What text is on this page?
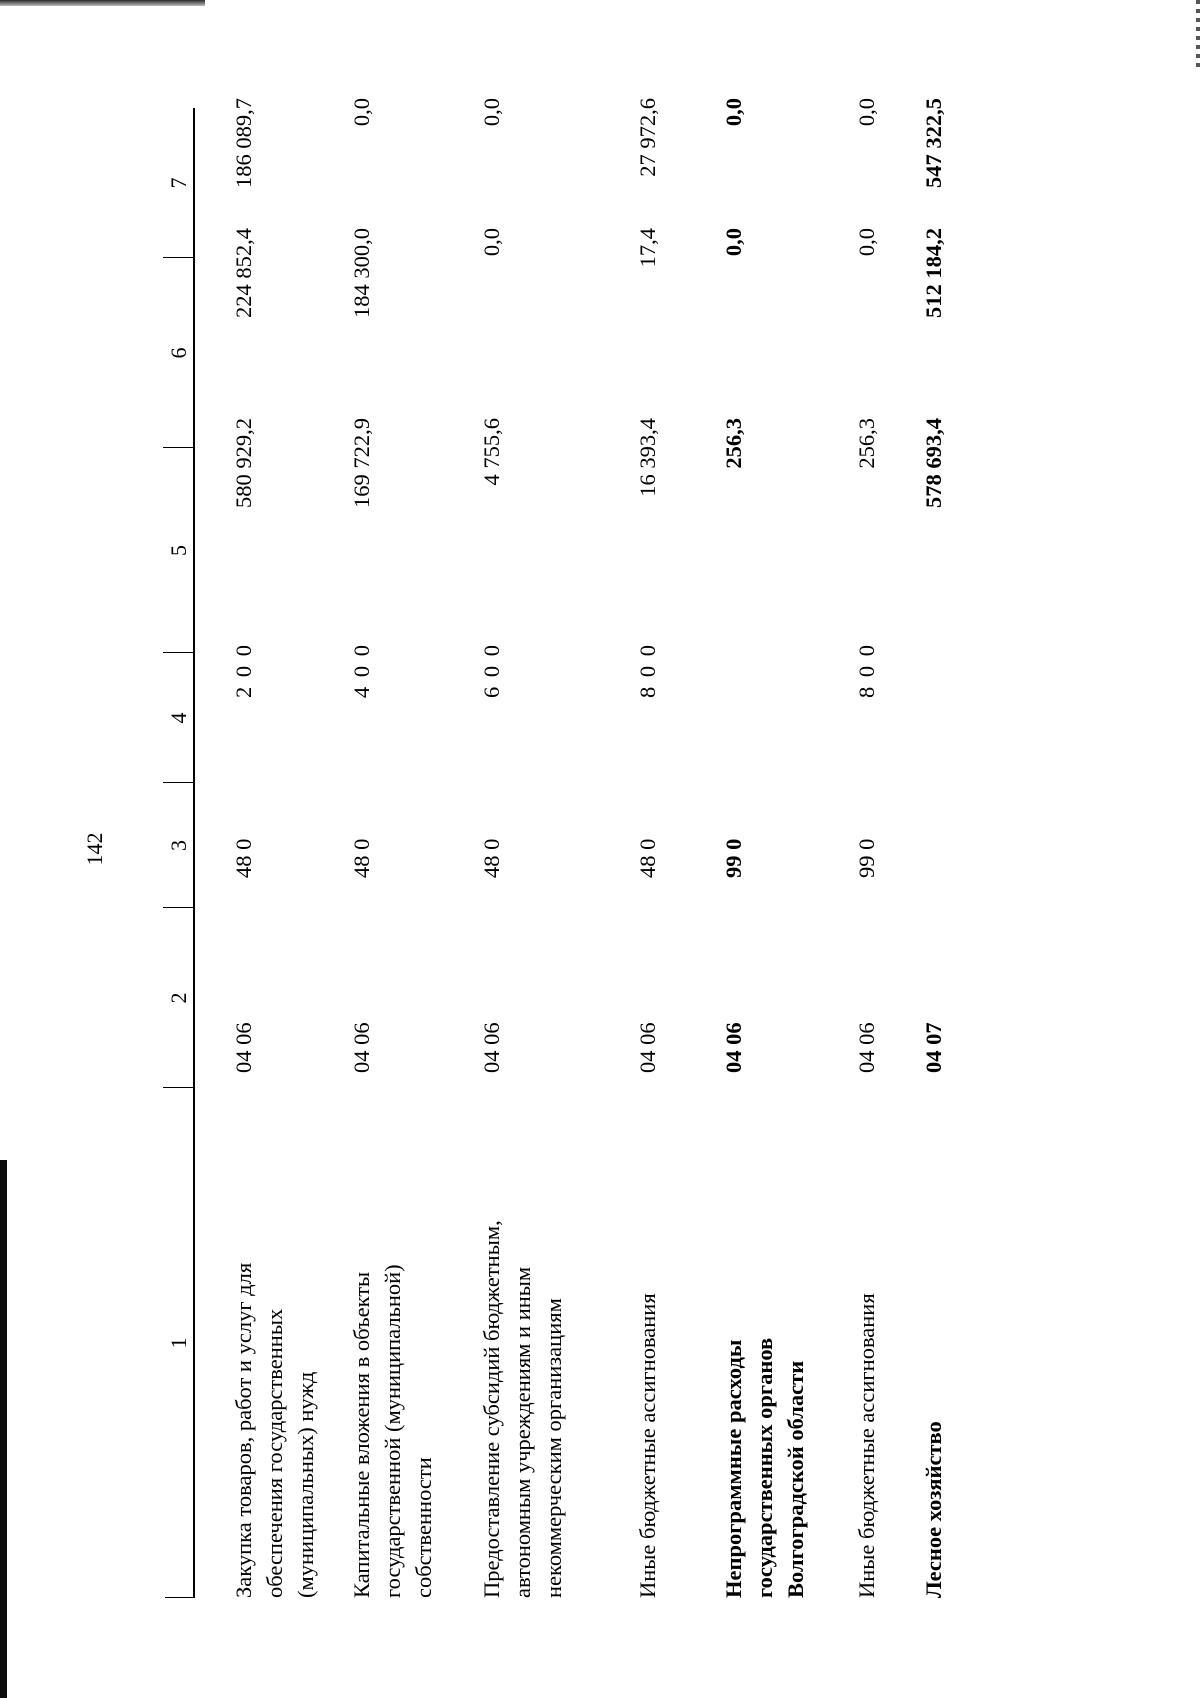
142
1
2
3
4
5
6
7
Закупка товаров, работ и услуг для обеспечения государственных (муниципальных) нужд
04 06
48 0
2 0 0
580 929,2
224 852,4
186 089,7
Капитальные вложения в объекты государственной (муниципальной) собственности
04 06
48 0
4 0 0
169 722,9
184 300,0
0,0
Предоставление субсидий бюджетным, автономным учреждениям и иным некоммерческим организациям
04 06
48 0
6 0 0
4 755,6
0,0
0,0
Иные бюджетные ассигнования
04 06
48 0
8 0 0
16 393,4
17,4
27 972,6
Непрограммные расходы государственных органов Волгоградской области
04 06
99 0
256,3
0,0
0,0
Иные бюджетные ассигнования
04 06
99 0
8 0 0
256,3
0,0
0,0
Лесное хозяйство
04 07
578 693,4
512 184,2
547 322,5
